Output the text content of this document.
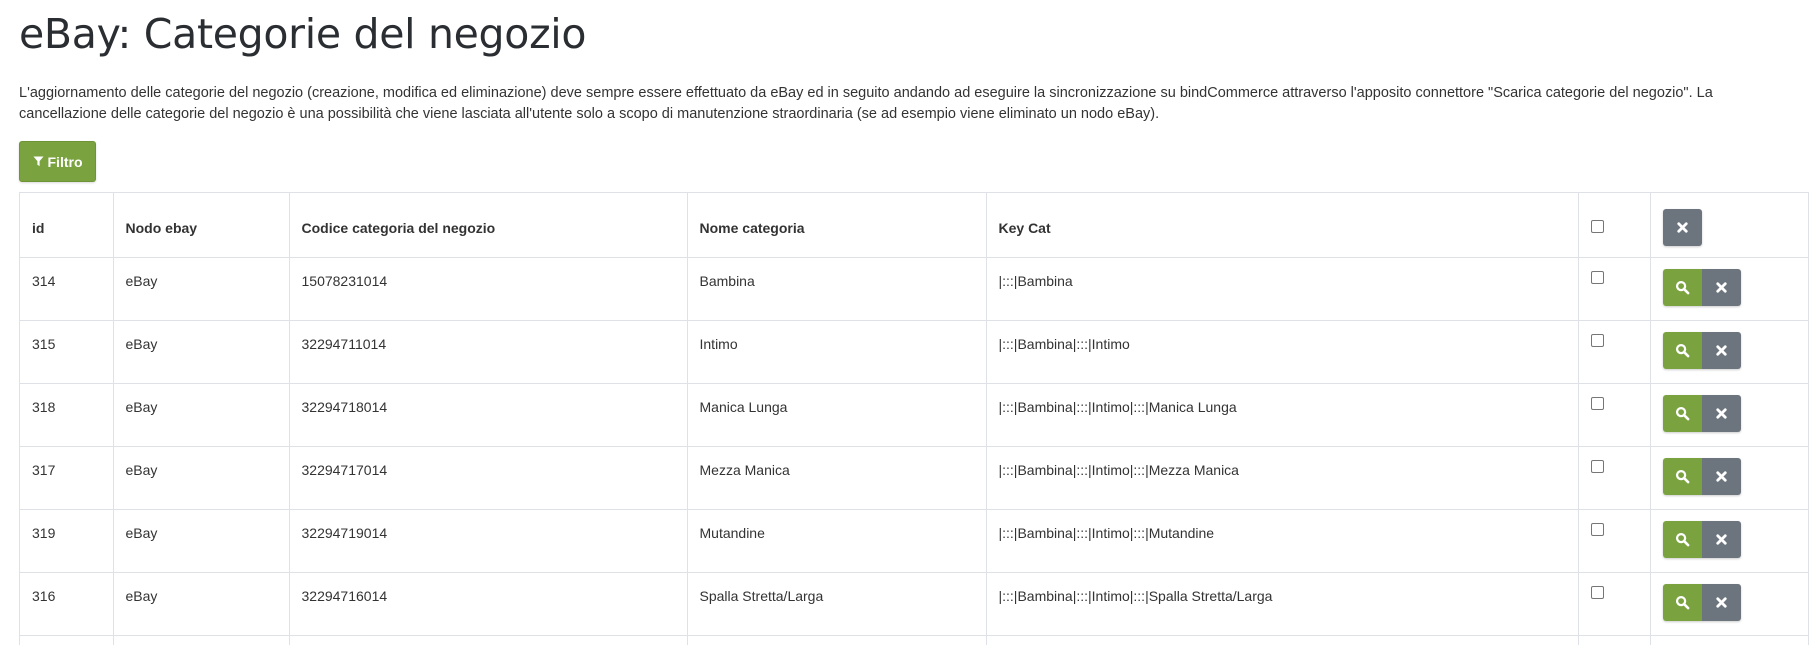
eBay: Categorie del negozio

L'aggiornamento delle categorie del negozio (creazione, modifica ed eliminazione) deve sempre essere effettuato da eBay ed in seguito andando ad eseguire la sincronizzazione su bindCommerce attraverso l'apposito connettore "Scarica categorie del negozio". La cancellazione delle categorie del negozio è una possibilità che viene lasciata all'utente solo a scopo di manutenzione straordinaria (se ad esempio viene eliminato un nodo eBay).

Filtro
id	Nodo ebay	Codice categoria del negozio	Nome categoria	Key Cat		

314	eBay	15078231014	Bambina	|:::|Bambina		

315	eBay	32294711014	Intimo	|:::|Bambina|:::|Intimo		

318	eBay	32294718014	Manica Lunga	|:::|Bambina|:::|Intimo|:::|Manica Lunga		

317	eBay	32294717014	Mezza Manica	|:::|Bambina|:::|Intimo|:::|Mezza Manica		

319	eBay	32294719014	Mutandine	|:::|Bambina|:::|Intimo|:::|Mutandine		

316	eBay	32294716014	Spalla Stretta/Larga	|:::|Bambina|:::|Intimo|:::|Spalla Stretta/Larga		
